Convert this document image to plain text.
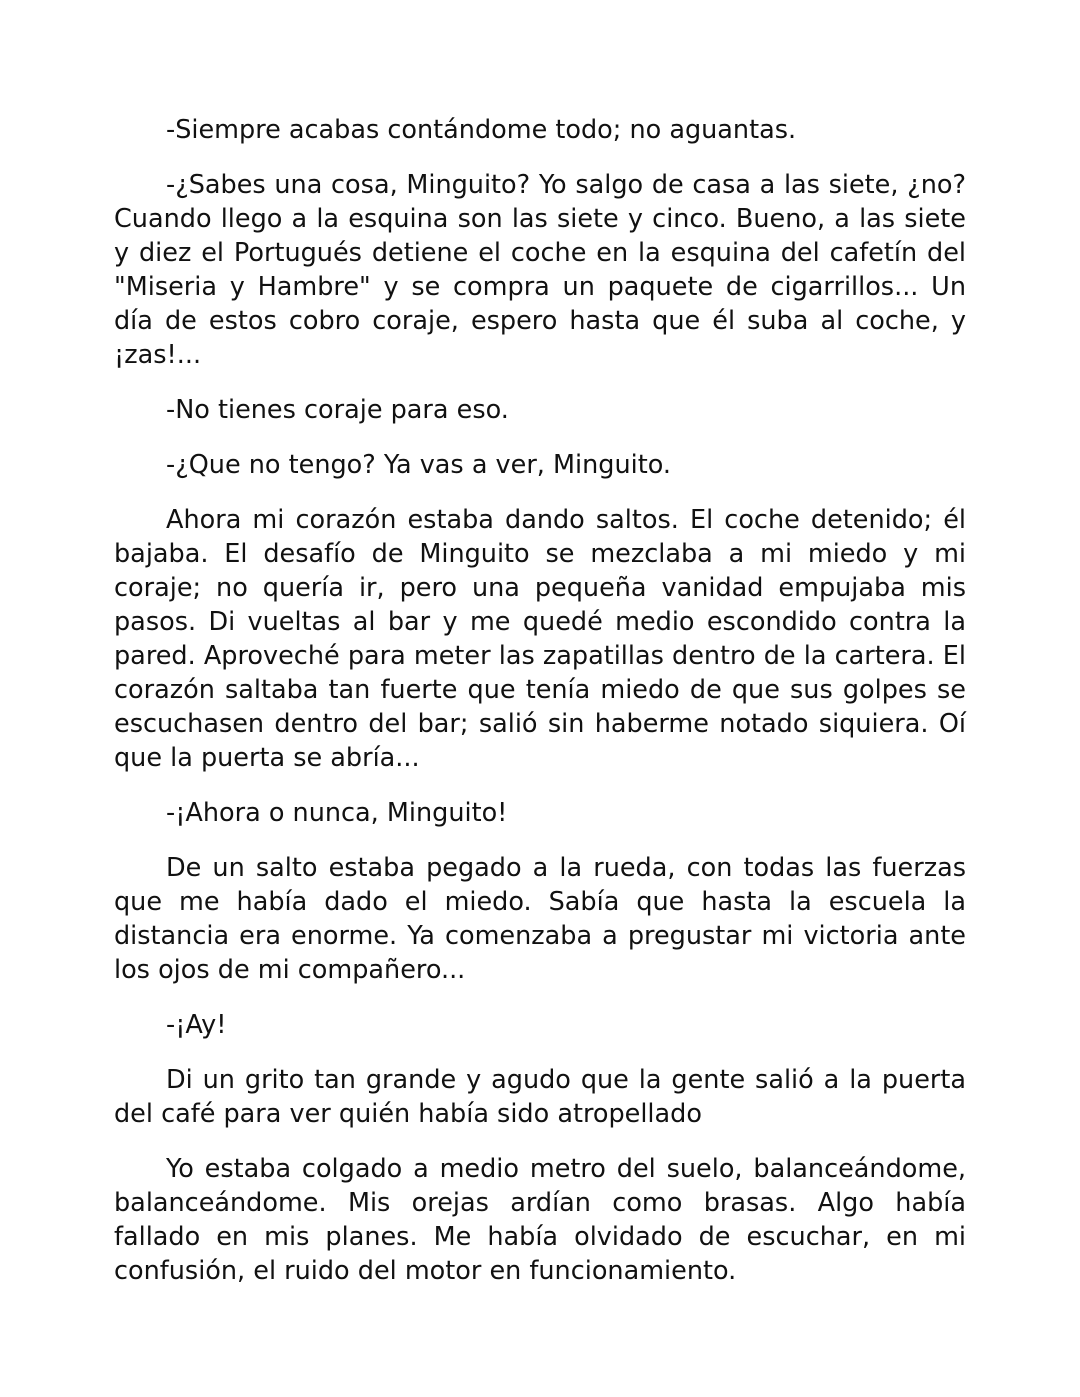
-Siempre acabas contándome todo; no aguantas.

-¿Sabes una cosa, Minguito? Yo salgo de casa a las siete, ¿no? Cuando llego a la esquina son las siete y cinco. Bueno, a las siete y diez el Portugués detiene el coche en la esquina del cafetín del "Miseria y Hambre" y se compra un paquete de cigarrillos... Un día de estos cobro coraje, espero hasta que él suba al coche, y ¡zas!...

-No tienes coraje para eso.

-¿Que no tengo? Ya vas a ver, Minguito.

Ahora mi corazón estaba dando saltos. El coche detenido; él bajaba. El desafío de Minguito se mezclaba a mi miedo y mi coraje; no quería ir, pero una pequeña vanidad empujaba mis pasos. Di vueltas al bar y me quedé medio escondido contra la pared. Aproveché para meter las zapatillas dentro de la cartera. El corazón saltaba tan fuerte que tenía miedo de que sus golpes se escuchasen dentro del bar; salió sin haberme notado siquiera. Oí que la puerta se abría...

-¡Ahora o nunca, Minguito!

De un salto estaba pegado a la rueda, con todas las fuerzas que me había dado el miedo. Sabía que hasta la escuela la distancia era enorme. Ya comenzaba a pregustar mi victoria ante los ojos de mi compañero...

-¡Ay!

Di un grito tan grande y agudo que la gente salió a la puerta del café para ver quién había sido atropellado

Yo estaba colgado a medio metro del suelo, balanceándome, balanceándome. Mis orejas ardían como brasas. Algo había fallado en mis planes. Me había olvidado de escuchar, en mi confusión, el ruido del motor en funcionamiento.
